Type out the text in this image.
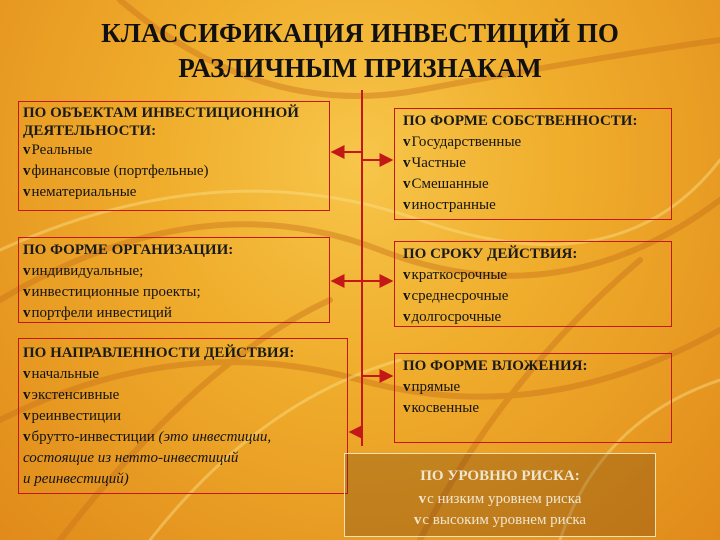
КЛАССИФИКАЦИЯ ИНВЕСТИЦИЙ ПО
РАЗЛИЧНЫМ ПРИЗНАКАМ
ПО ОБЪЕКТАМ ИНВЕСТИЦИОННОЙ
ДЕЯТЕЛЬНОСТИ:
vРеальные
vфинансовые (портфельные)
vнематериальные
ПО ФОРМЕ СОБСТВЕННОСТИ:
vГосударственные
vЧастные
vСмешанные
vиностранные
ПО ФОРМЕ ОРГАНИЗАЦИИ:
vиндивидуальные;
vинвестиционные проекты;
vпортфели инвестиций
ПО СРОКУ ДЕЙСТВИЯ:
vкраткосрочные
vсреднесрочные
vдолгосрочные
ПО НАПРАВЛЕННОСТИ ДЕЙСТВИЯ:
vначальные
vэкстенсивные
vреинвестиции
vбрутто-инвестиции (это инвестиции,
состоящие из нетто-инвестиций
и реинвестиций)
ПО ФОРМЕ ВЛОЖЕНИЯ:
vпрямые
vкосвенные
ПО УРОВНЮ РИСКА:
vс низким уровнем риска
vс высоким уровнем риска
